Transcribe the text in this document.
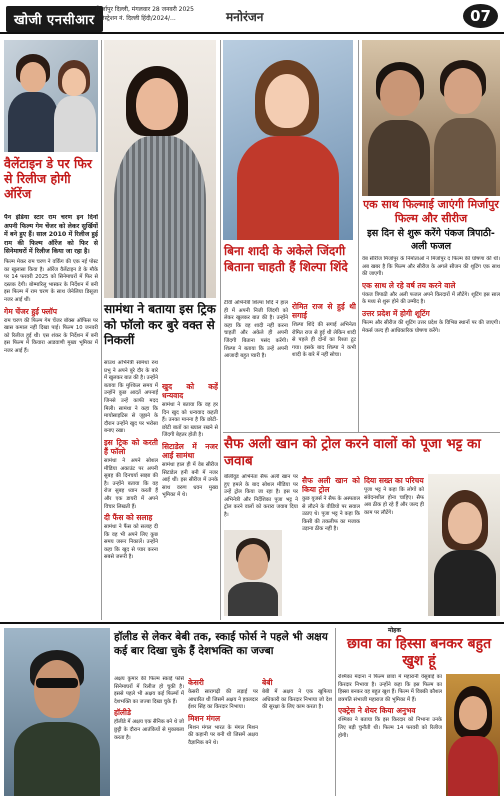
खोजी एनसीआर
मिर्जापुर दिल्ली, मंगलवार 28 जनवरी 2025
रजिस्ट्रेशन नं. दिल्ली हिंदी/2024/...	मनोरंजन	07
वैलेंटाइन डे पर फिर से रिलीज होगी ऑरेंज

पैन इंडिया स्टार राम चरण इन दिनों अपनी फिल्म गेम चेंजर को लेकर सुर्खियों में बने हुए हैं। साल 2010 में रिलीज हुई राम की फिल्म ऑरेंज को फिर से सिनेमाघरों में रिलीज किया जा रहा है।

फिल्म मेकर राम चरण ने वर्किंग की एक नई पोस्ट का खुलासा किया है। ऑरेंज वैलेंटाइन डे के मौके पर 14 फरवरी 2025 को सिनेमाघरों में फिर से दस्तक देगी। बोम्मारिलु भास्कर के निर्देशन में बनी इस फिल्म में राम चरण के साथ जेनेलिया डिसूजा नजर आई थीं।

गेम चेंजर हुई फ्लॉप

राम चरण की फिल्म गेम चेंजर बॉक्स ऑफिस पर खास कमाल नहीं दिखा पाई। फिल्म 10 जनवरी को रिलीज हुई थी। एस शंकर के निर्देशन में बनी इस फिल्म में कियारा आडवाणी मुख्य भूमिका में नजर आई हैं।

सामंथा ने बताया इस ट्रिक को फॉलो कर बुरे वक्त से निकलीं

साउथ अभिनेत्री सामंथा रुथ प्रभु ने अपने बुरे दौर के बारे में खुलकर बात की है। उन्होंने बताया कि मुश्किल समय में उन्होंने कुछ आदतें अपनाईं जिनसे उन्हें काफी मदद मिली। सामंथा ने कहा कि मायोसाइटिस से जूझने के दौरान उन्होंने खुद पर भरोसा बनाए रखा।

इस ट्रिक को करती हैं फॉलो

सामंथा ने अपने सोशल मीडिया अकाउंट पर अपनी सुबह की दिनचर्या साझा की है। उन्होंने बताया कि वह रोज सुबह ध्यान करती हैं और एक डायरी में अपने विचार लिखती हैं।

दी फैंस को सलाह

सामंथा ने फैंस को सलाह दी कि वह भी अपने लिए कुछ समय जरूर निकालें। उन्होंने कहा कि खुद से प्यार करना सबसे जरूरी है।

खुद को कहें धन्यवाद

सामंथा ने बताया कि वह हर दिन खुद को धन्यवाद कहती हैं। उनका मानना है कि छोटी-छोटी बातों का ख्याल रखने से जिंदगी बेहतर होती है।

सिटाडेल में नजर आईं सामंथा

सामंथा हाल ही में वेब सीरीज सिटाडेल हनी बनी में नजर आई थीं। इस सीरीज में उनके साथ वरुण धवन मुख्य भूमिका में थे।

बिना शादी के अकेले जिंदगी बिताना चाहती हैं शिल्पा शिंदे

टीवी अभिनेत्री शिल्पा शिंदे ने हाल ही में अपनी निजी जिंदगी को लेकर खुलकर बात की है। उन्होंने कहा कि वह शादी नहीं करना चाहतीं और अकेले ही अपनी जिंदगी बिताना पसंद करेंगी। शिल्पा ने बताया कि उन्हें अपनी आजादी बहुत प्यारी है।

रोमित राज से हुई थी सगाई

शिल्पा शिंदे की सगाई अभिनेता रोमित राज से हुई थी लेकिन शादी से पहले ही दोनों का रिश्ता टूट गया। इसके बाद शिल्पा ने कभी शादी के बारे में नहीं सोचा।

एक साथ फिल्माई जाएंगी मिर्जापुर फिल्म और सीरीज
इस दिन से शुरू करेंगे पंकज त्रिपाठी-अली फजल

वेब सीरीज मिर्जापुर के निर्माताओं ने मिर्जापुर द फिल्म की घोषणा की थी। अब खबर है कि फिल्म और सीरीज के अगले सीजन की शूटिंग एक साथ की जाएगी।

एक साथ ले रहे वर्ष तय करने वाले

पंकज त्रिपाठी और अली फजल अपने किरदारों में लौटेंगे। शूटिंग इस साल के मध्य से शुरू होने की उम्मीद है।

उत्तर प्रदेश में होगी शूटिंग

फिल्म और सीरीज की शूटिंग उत्तर प्रदेश के विभिन्न स्थानों पर की जाएगी। मेकर्स जल्द ही आधिकारिक घोषणा करेंगे।

सैफ अली खान को ट्रोल करने वालों को पूजा भट्ट का जवाब

बॉलीवुड अभिनेता सैफ अली खान पर हुए हमले के बाद सोशल मीडिया पर उन्हें ट्रोल किया जा रहा है। इस पर अभिनेत्री और निर्देशिका पूजा भट्ट ने ट्रोल करने वालों को करारा जवाब दिया है।

सैफ अली खान को किया ट्रोल

कुछ यूजर्स ने सैफ के अस्पताल से लौटने के वीडियो पर सवाल उठाए थे। पूजा भट्ट ने कहा कि किसी की तकलीफ का मजाक उड़ाना ठीक नहीं है।

दिया सख्त का परिचय

पूजा भट्ट ने कहा कि लोगों को संवेदनशील होना चाहिए। सैफ अब ठीक हो रहे हैं और जल्द ही काम पर लौटेंगे।

हॉलीड से लेकर बेबी तक, स्काई फोर्स ने पहले भी अक्षय कई बार दिखा चुके हैं देशभक्ति का जज्बा

अक्षय कुमार की फिल्म स्काई फोर्स सिनेमाघरों में रिलीज हो चुकी है। इससे पहले भी अक्षय कई फिल्मों में देशभक्ति का जज्बा दिखा चुके हैं।

हॉलीडे

हॉलीडे में अक्षय एक सैनिक बने थे जो छुट्टी के दौरान आतंकियों से मुकाबला करता है।

केसरी

केसरी सारागढ़ी की लड़ाई पर आधारित थी जिसमें अक्षय ने हवलदार ईशर सिंह का किरदार निभाया।

मिशन मंगल

मिशन मंगल भारत के मंगल मिशन की कहानी पर बनी थी जिसमें अक्षय वैज्ञानिक बने थे।

बेबी

बेबी में अक्षय ने एक खुफिया अधिकारी का किरदार निभाया जो देश की सुरक्षा के लिए काम करता है।

मोहक
छावा का हिस्सा बनकर बहुत खुश हूं

रश्मिका मंदाना ने फिल्म छावा में महारानी येसुबाई का किरदार निभाया है। उन्होंने कहा कि इस फिल्म का हिस्सा बनकर वह बहुत खुश हैं। फिल्म में विक्की कौशल छत्रपति संभाजी महाराज की भूमिका में हैं।

एक्ट्रेस ने शेयर किया अनुभव

रश्मिका ने बताया कि इस किरदार को निभाना उनके लिए बड़ी चुनौती थी। फिल्म 14 फरवरी को रिलीज होगी।
